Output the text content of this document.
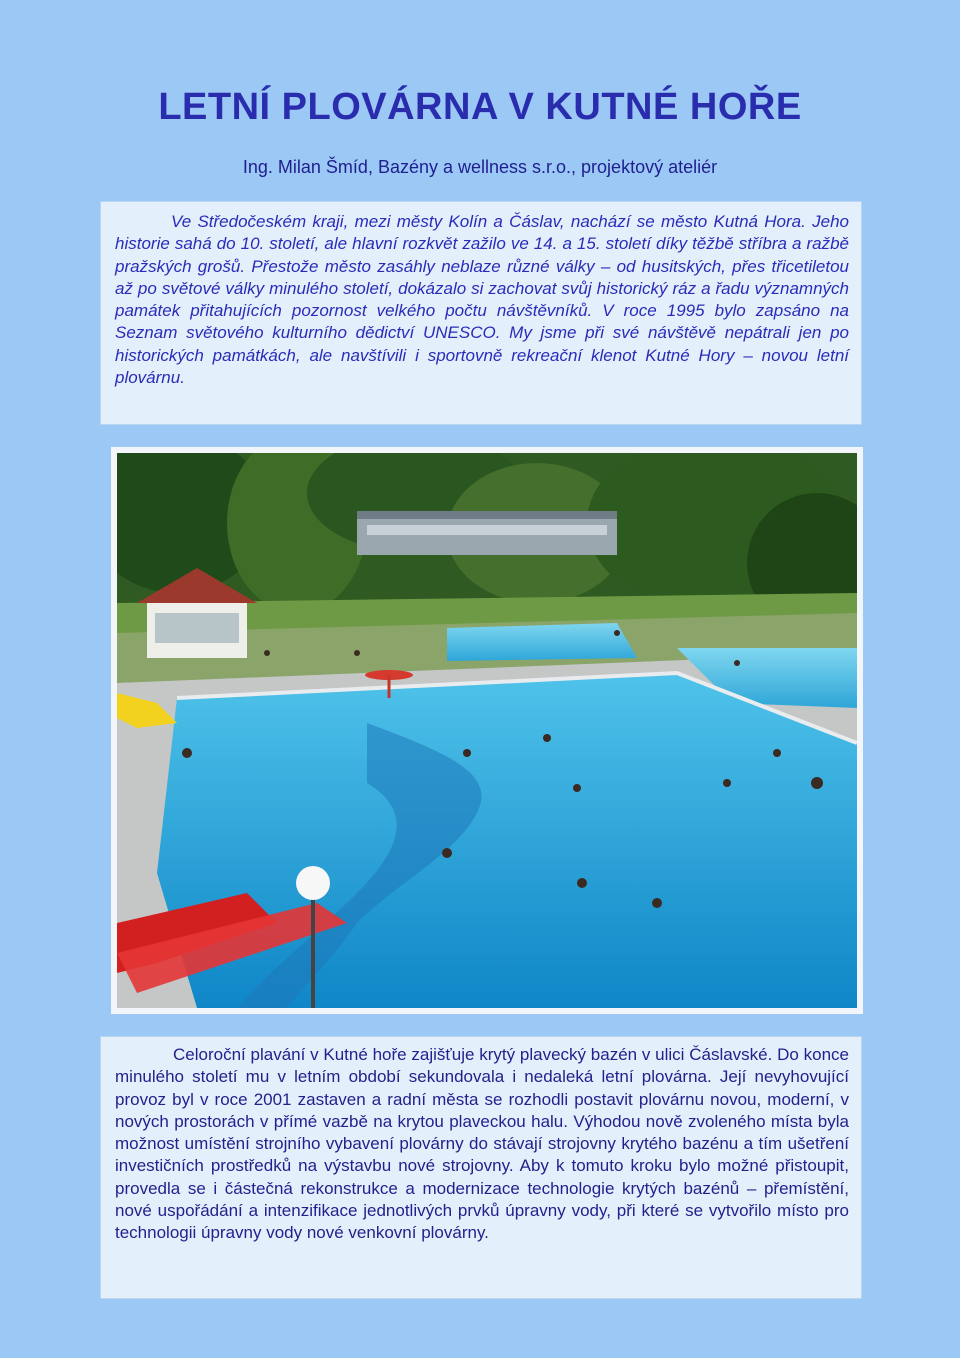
LETNÍ PLOVÁRNA V KUTNÉ HOŘE
Ing. Milan Šmíd, Bazény a wellness s.r.o., projektový ateliér

Ve Středočeském kraji, mezi městy Kolín a Čáslav, nachází se město Kutná Hora. Jeho historie sahá do 10. století, ale hlavní rozkvět zažilo ve 14. a 15. století díky těžbě stříbra a ražbě pražských grošů. Přestože město zasáhly neblaze různé války – od husitských, přes třicetiletou až po světové války minulého století, dokázalo si zachovat svůj historický ráz a řadu významných památek přitahujících pozornost velkého počtu návštěvníků. V roce 1995 bylo zapsáno na Seznam světového kulturního dědictví UNESCO. My jsme při své návštěvě nepátrali jen po historických památkách, ale navštívili i sportovně rekreační klenot Kutné Hory – novou letní plovárnu.

Celoroční plavání v Kutné hoře zajišťuje krytý plavecký bazén v ulici Čáslavské. Do konce minulého století mu v letním období sekundovala i nedaleká letní plovárna. Její nevyhovující provoz byl v roce 2001 zastaven a radní města se rozhodli postavit plovárnu novou, moderní, v nových prostorách v přímé vazbě na krytou plaveckou halu. Výhodou nově zvoleného místa byla možnost umístění strojního vybavení plovárny do stávají strojovny krytého bazénu a tím ušetření investičních prostředků na výstavbu nové strojovny. Aby k tomuto kroku bylo možné přistoupit, provedla se i částečná rekonstrukce a modernizace technologie krytých bazénů – přemístění, nové uspořádání a intenzifikace jednotlivých prvků úpravny vody, při které se vytvořilo místo pro technologii úpravny vody nové venkovní plovárny.
